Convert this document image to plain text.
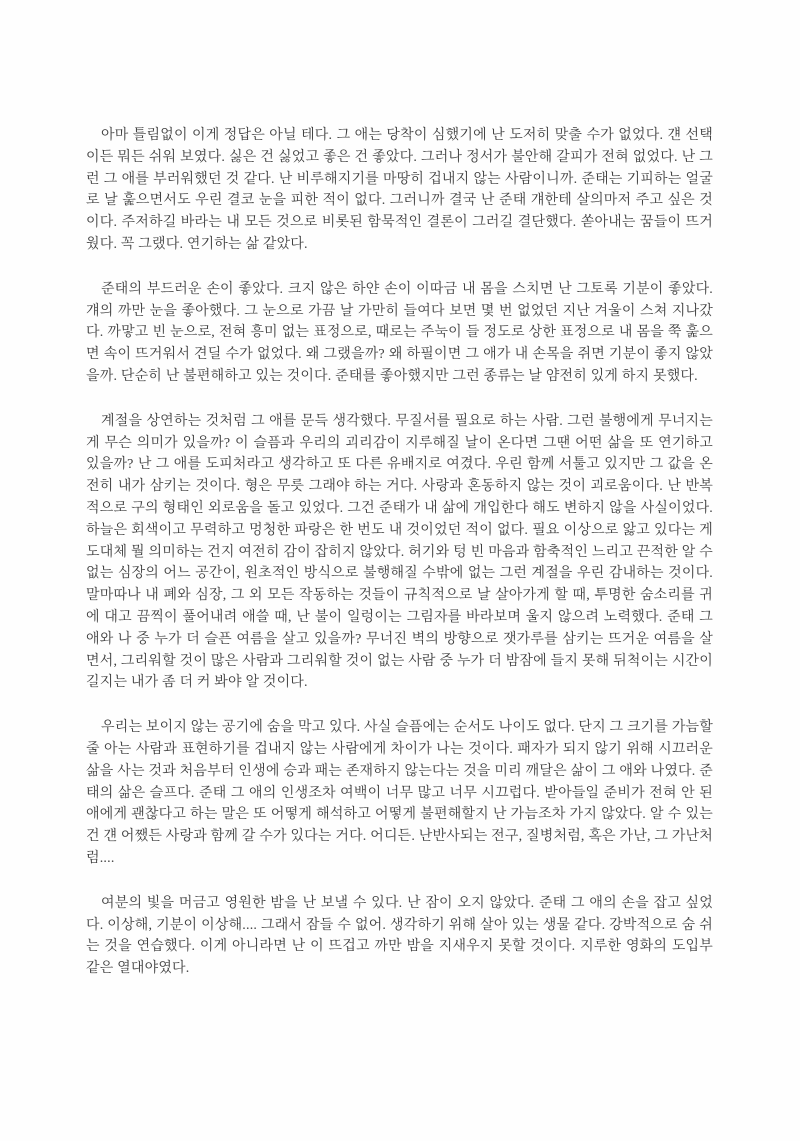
아마 틀림없이 이게 정답은 아닐 테다. 그 애는 당착이 심했기에 난 도저히 맞출 수가 없었다. 걘 선택이든 뭐든 쉬워 보였다. 싫은 건 싫었고 좋은 건 좋았다. 그러나 정서가 불안해 갈피가 전혀 없었다. 난 그런 그 애를 부러워했던 것 같다. 난 비루해지기를 마땅히 겁내지 않는 사람이니까. 준태는 기피하는 얼굴로 날 훑으면서도 우린 결코 눈을 피한 적이 없다. 그러니까 결국 난 준태 걔한테 살의마저 주고 싶은 것이다. 주저하길 바라는 내 모든 것으로 비롯된 함묵적인 결론이 그러길 결단했다. 쏟아내는 꿈들이 뜨거웠다. 꼭 그랬다. 연기하는 삶 같았다.

준태의 부드러운 손이 좋았다. 크지 않은 하얀 손이 이따금 내 몸을 스치면 난 그토록 기분이 좋았다. 걔의 까만 눈을 좋아했다. 그 눈으로 가끔 날 가만히 들여다 보면 몇 번 없었던 지난 겨울이 스쳐 지나갔다. 까맣고 빈 눈으로, 전혀 흥미 없는 표정으로, 때로는 주눅이 들 정도로 상한 표정으로 내 몸을 쭉 훑으면 속이 뜨거워서 견딜 수가 없었다. 왜 그랬을까? 왜 하필이면 그 애가 내 손목을 쥐면 기분이 좋지 않았을까. 단순히 난 불편해하고 있는 것이다. 준태를 좋아했지만 그런 종류는 날 얌전히 있게 하지 못했다.

계절을 상연하는 것처럼 그 애를 문득 생각했다. 무질서를 필요로 하는 사람. 그런 불행에게 무너지는 게 무슨 의미가 있을까? 이 슬픔과 우리의 괴리감이 지루해질 날이 온다면 그땐 어떤 삶을 또 연기하고 있을까? 난 그 애를 도피처라고 생각하고 또 다른 유배지로 여겼다. 우린 함께 서툴고 있지만 그 값을 온전히 내가 삼키는 것이다. 형은 무릇 그래야 하는 거다. 사랑과 혼동하지 않는 것이 괴로움이다. 난 반복적으로 구의 형태인 외로움을 돌고 있었다. 그건 준태가 내 삶에 개입한다 해도 변하지 않을 사실이었다. 하늘은 회색이고 무력하고 멍청한 파랑은 한 번도 내 것이었던 적이 없다. 필요 이상으로 앓고 있다는 게 도대체 뭘 의미하는 건지 여전히 감이 잡히지 않았다. 허기와 텅 빈 마음과 함축적인 느리고 끈적한 알 수 없는 심장의 어느 공간이, 원초적인 방식으로 불행해질 수밖에 없는 그런 계절을 우린 감내하는 것이다. 말마따나 내 폐와 심장, 그 외 모든 작동하는 것들이 규칙적으로 날 살아가게 할 때, 투명한 숨소리를 귀에 대고 끔찍이 풀어내려 애쓸 때, 난 불이 일렁이는 그림자를 바라보며 울지 않으려 노력했다. 준태 그 애와 나 중 누가 더 슬픈 여름을 살고 있을까? 무너진 벽의 방향으로 잿가루를 삼키는 뜨거운 여름을 살면서, 그리워할 것이 많은 사람과 그리워할 것이 없는 사람 중 누가 더 밤잠에 들지 못해 뒤척이는 시간이 길지는 내가 좀 더 커 봐야 알 것이다.

우리는 보이지 않는 공기에 숨을 막고 있다. 사실 슬픔에는 순서도 나이도 없다. 단지 그 크기를 가늠할 줄 아는 사람과 표현하기를 겁내지 않는 사람에게 차이가 나는 것이다. 패자가 되지 않기 위해 시끄러운 삶을 사는 것과 처음부터 인생에 승과 패는 존재하지 않는다는 것을 미리 깨달은 삶이 그 애와 나였다. 준태의 삶은 슬프다. 준태 그 애의 인생조차 여백이 너무 많고 너무 시끄럽다. 받아들일 준비가 전혀 안 된 애에게 괜찮다고 하는 말은 또 어떻게 해석하고 어떻게 불편해할지 난 가늠조차 가지 않았다. 알 수 있는 건 걘 어쨌든 사랑과 함께 갈 수가 있다는 거다. 어디든. 난반사되는 전구, 질병처럼, 혹은 가난, 그 가난처럼....

여분의 빛을 머금고 영원한 밤을 난 보낼 수 있다. 난 잠이 오지 않았다. 준태 그 애의 손을 잡고 싶었다. 이상해, 기분이 이상해.... 그래서 잠들 수 없어. 생각하기 위해 살아 있는 생물 같다. 강박적으로 숨 쉬는 것을 연습했다. 이게 아니라면 난 이 뜨겁고 까만 밤을 지새우지 못할 것이다. 지루한 영화의 도입부 같은 열대야였다.
